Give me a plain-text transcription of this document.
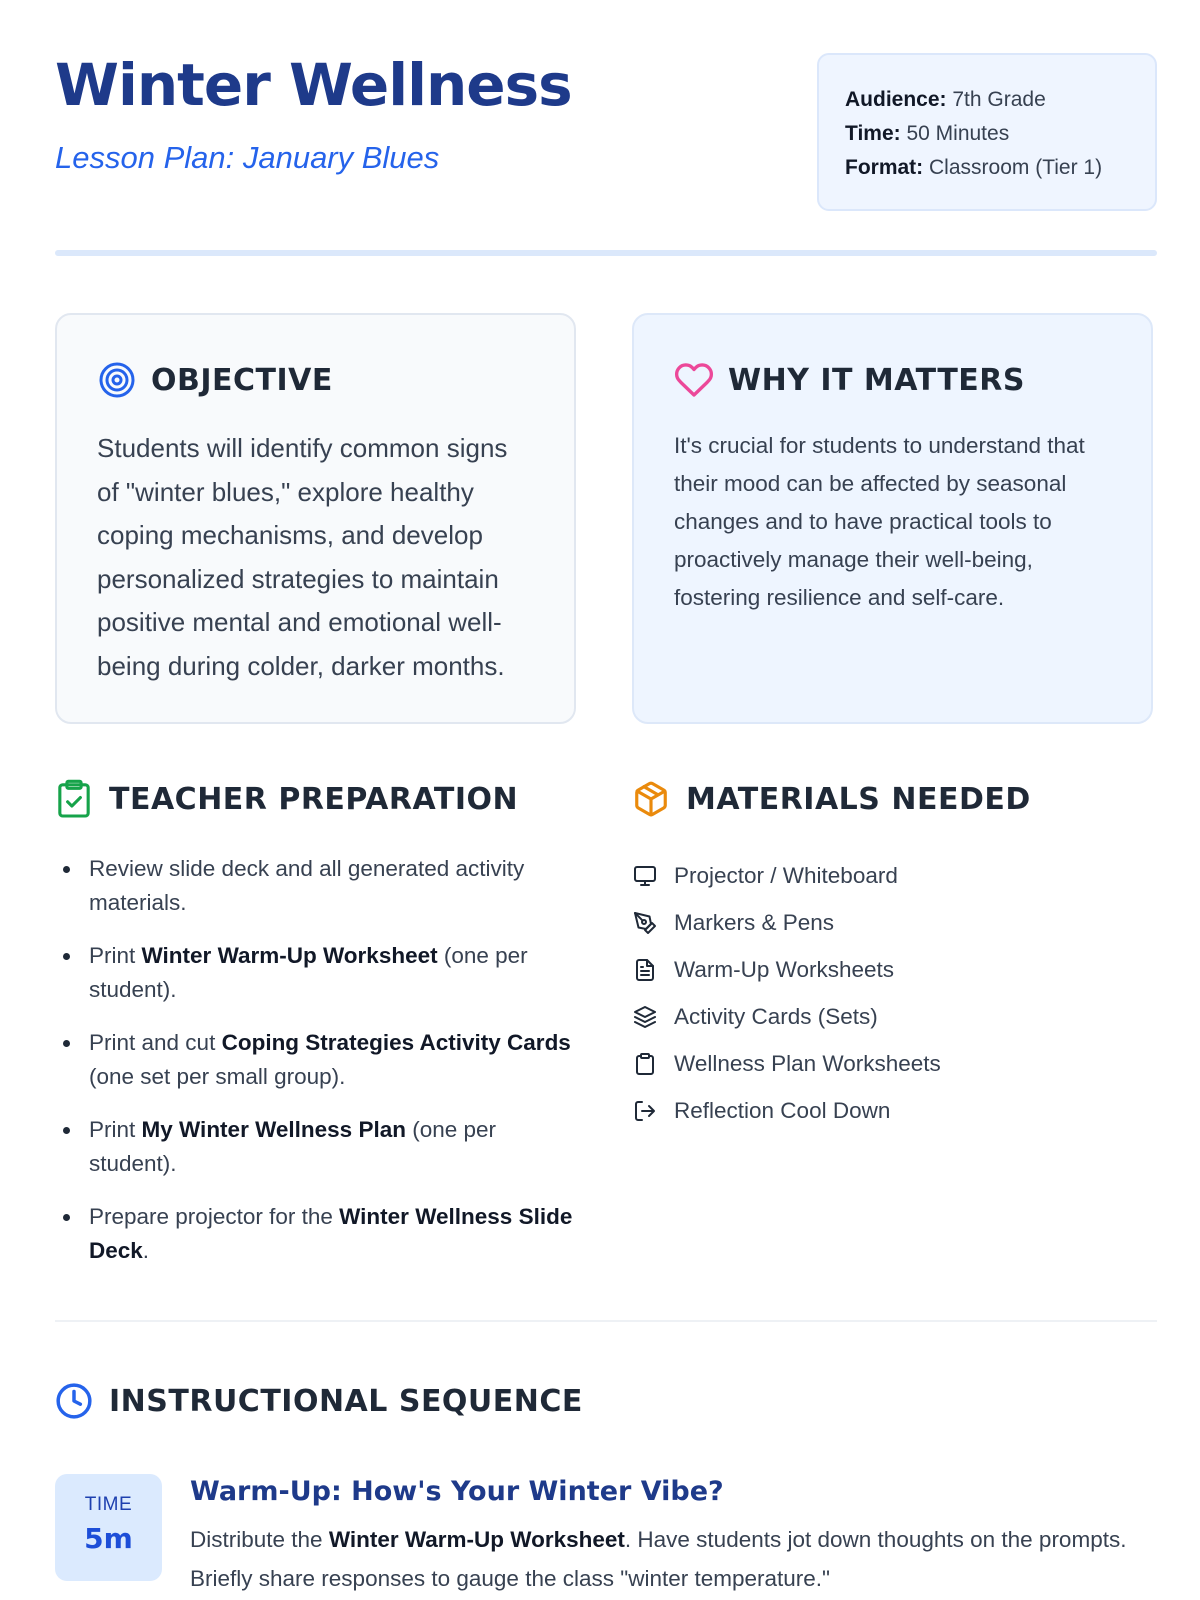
Winter Wellness
Lesson Plan: January Blues
Audience: 7th Grade
Time: 50 Minutes
Format: Classroom (Tier 1)
OBJECTIVE

Students will identify common signs of "winter blues," explore healthy coping mechanisms, and develop personalized strategies to maintain positive mental and emotional well-being during colder, darker months.

WHY IT MATTERS

It's crucial for students to understand that their mood can be affected by seasonal changes and to have practical tools to proactively manage their well-being, fostering resilience and self-care.

TEACHER PREPARATION
Review slide deck and all generated activity materials.
Print Winter Warm-Up Worksheet (one per student).
Print and cut Coping Strategies Activity Cards (one set per small group).
Print My Winter Wellness Plan (one per student).
Prepare projector for the Winter Wellness Slide Deck.
MATERIALS NEEDED
Projector / Whiteboard
Markers & Pens
Warm-Up Worksheets
Activity Cards (Sets)
Wellness Plan Worksheets
Reflection Cool Down
INSTRUCTIONAL SEQUENCE
TIME
5m
Warm-Up: How's Your Winter Vibe?

Distribute the Winter Warm-Up Worksheet. Have students jot down thoughts on the prompts. Briefly share responses to gauge the class "winter temperature."
